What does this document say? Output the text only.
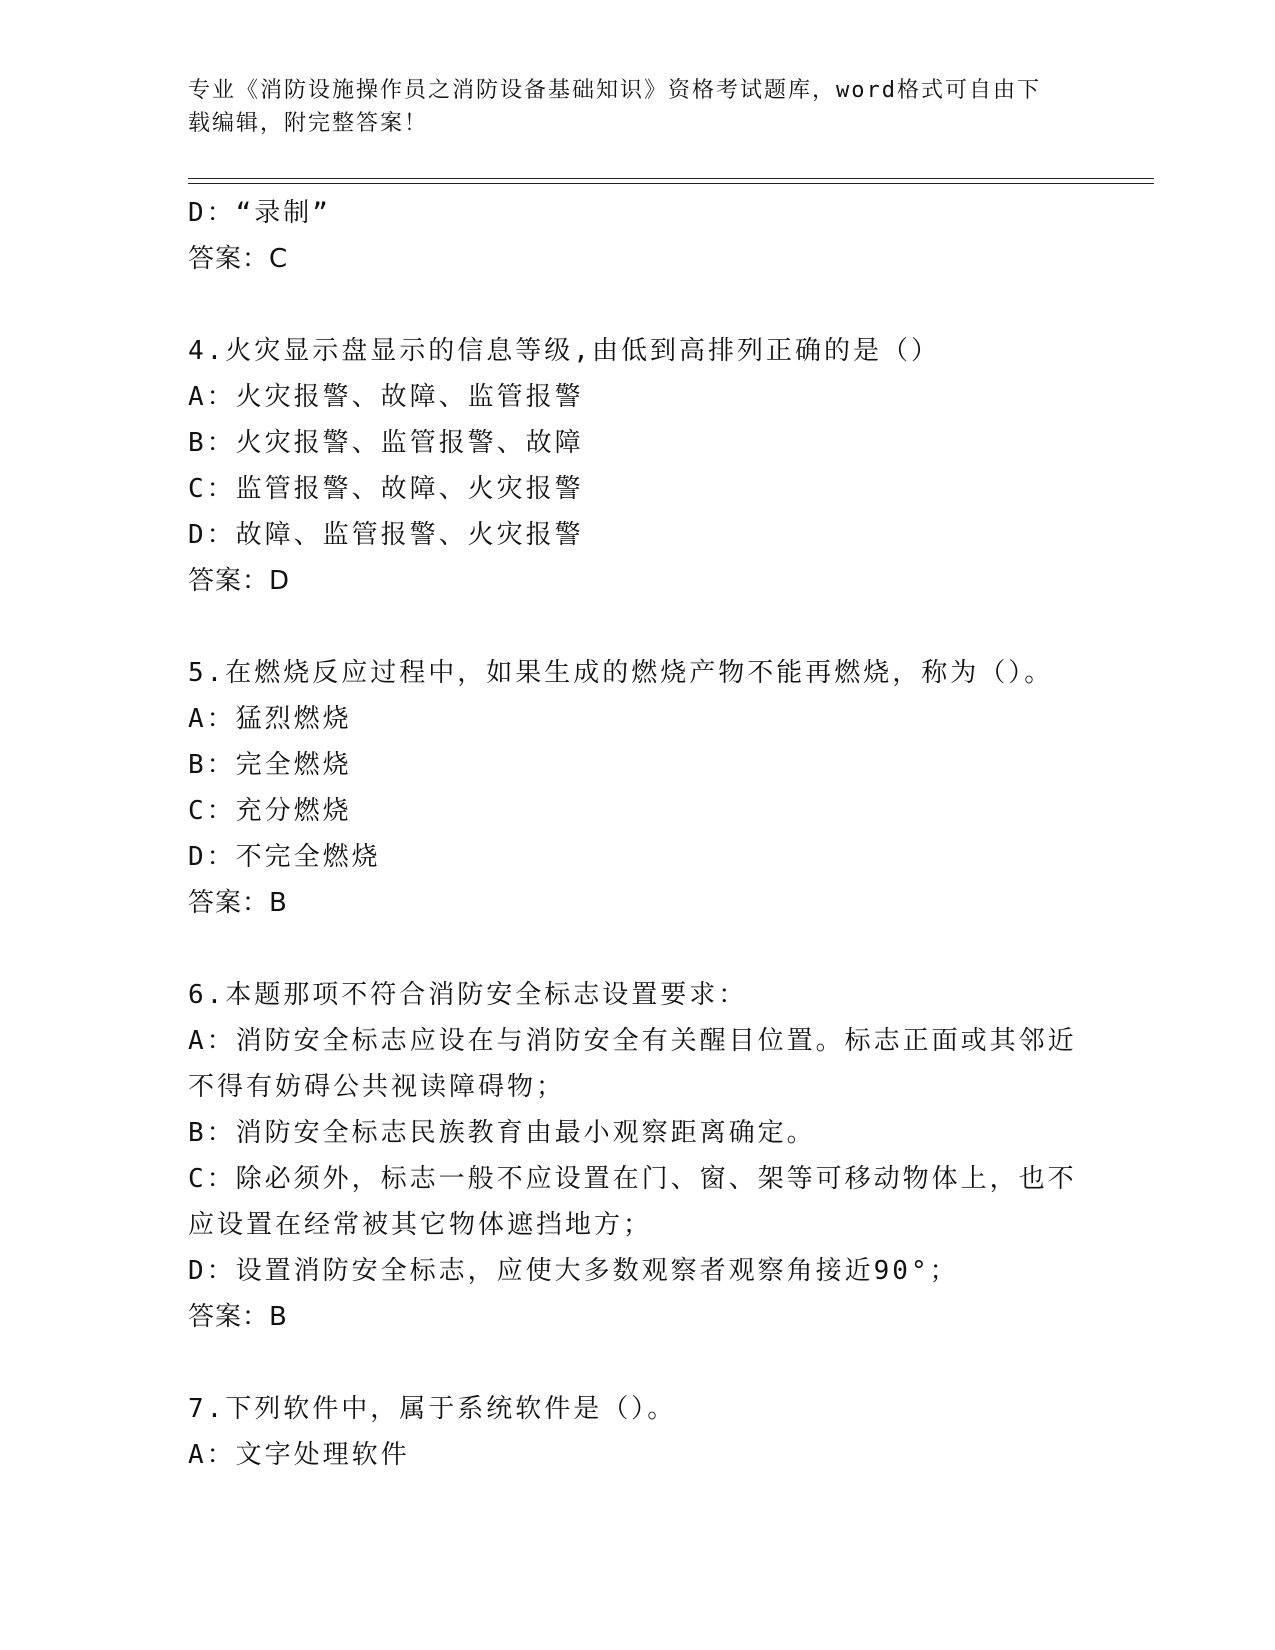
专业《消防设施操作员之消防设备基础知识》资格考试题库，word格式可自由下
载编辑，附完整答案！

D：“录制”

答案：C

4.火灾显示盘显示的信息等级,由低到高排列正确的是（）

A：火灾报警、故障、监管报警

B：火灾报警、监管报警、故障

C：监管报警、故障、火灾报警

D：故障、监管报警、火灾报警

答案：D

5.在燃烧反应过程中，如果生成的燃烧产物不能再燃烧，称为（）。

A：猛烈燃烧

B：完全燃烧

C：充分燃烧

D：不完全燃烧

答案：B

6.本题那项不符合消防安全标志设置要求：

A：消防安全标志应设在与消防安全有关醒目位置。标志正面或其邻近不得有妨碍公共视读障碍物；

B：消防安全标志民族教育由最小观察距离确定。

C：除必须外，标志一般不应设置在门、窗、架等可移动物体上，也不应设置在经常被其它物体遮挡地方；

D：设置消防安全标志，应使大多数观察者观察角接近90°；

答案：B

7.下列软件中，属于系统软件是（）。

A：文字处理软件
